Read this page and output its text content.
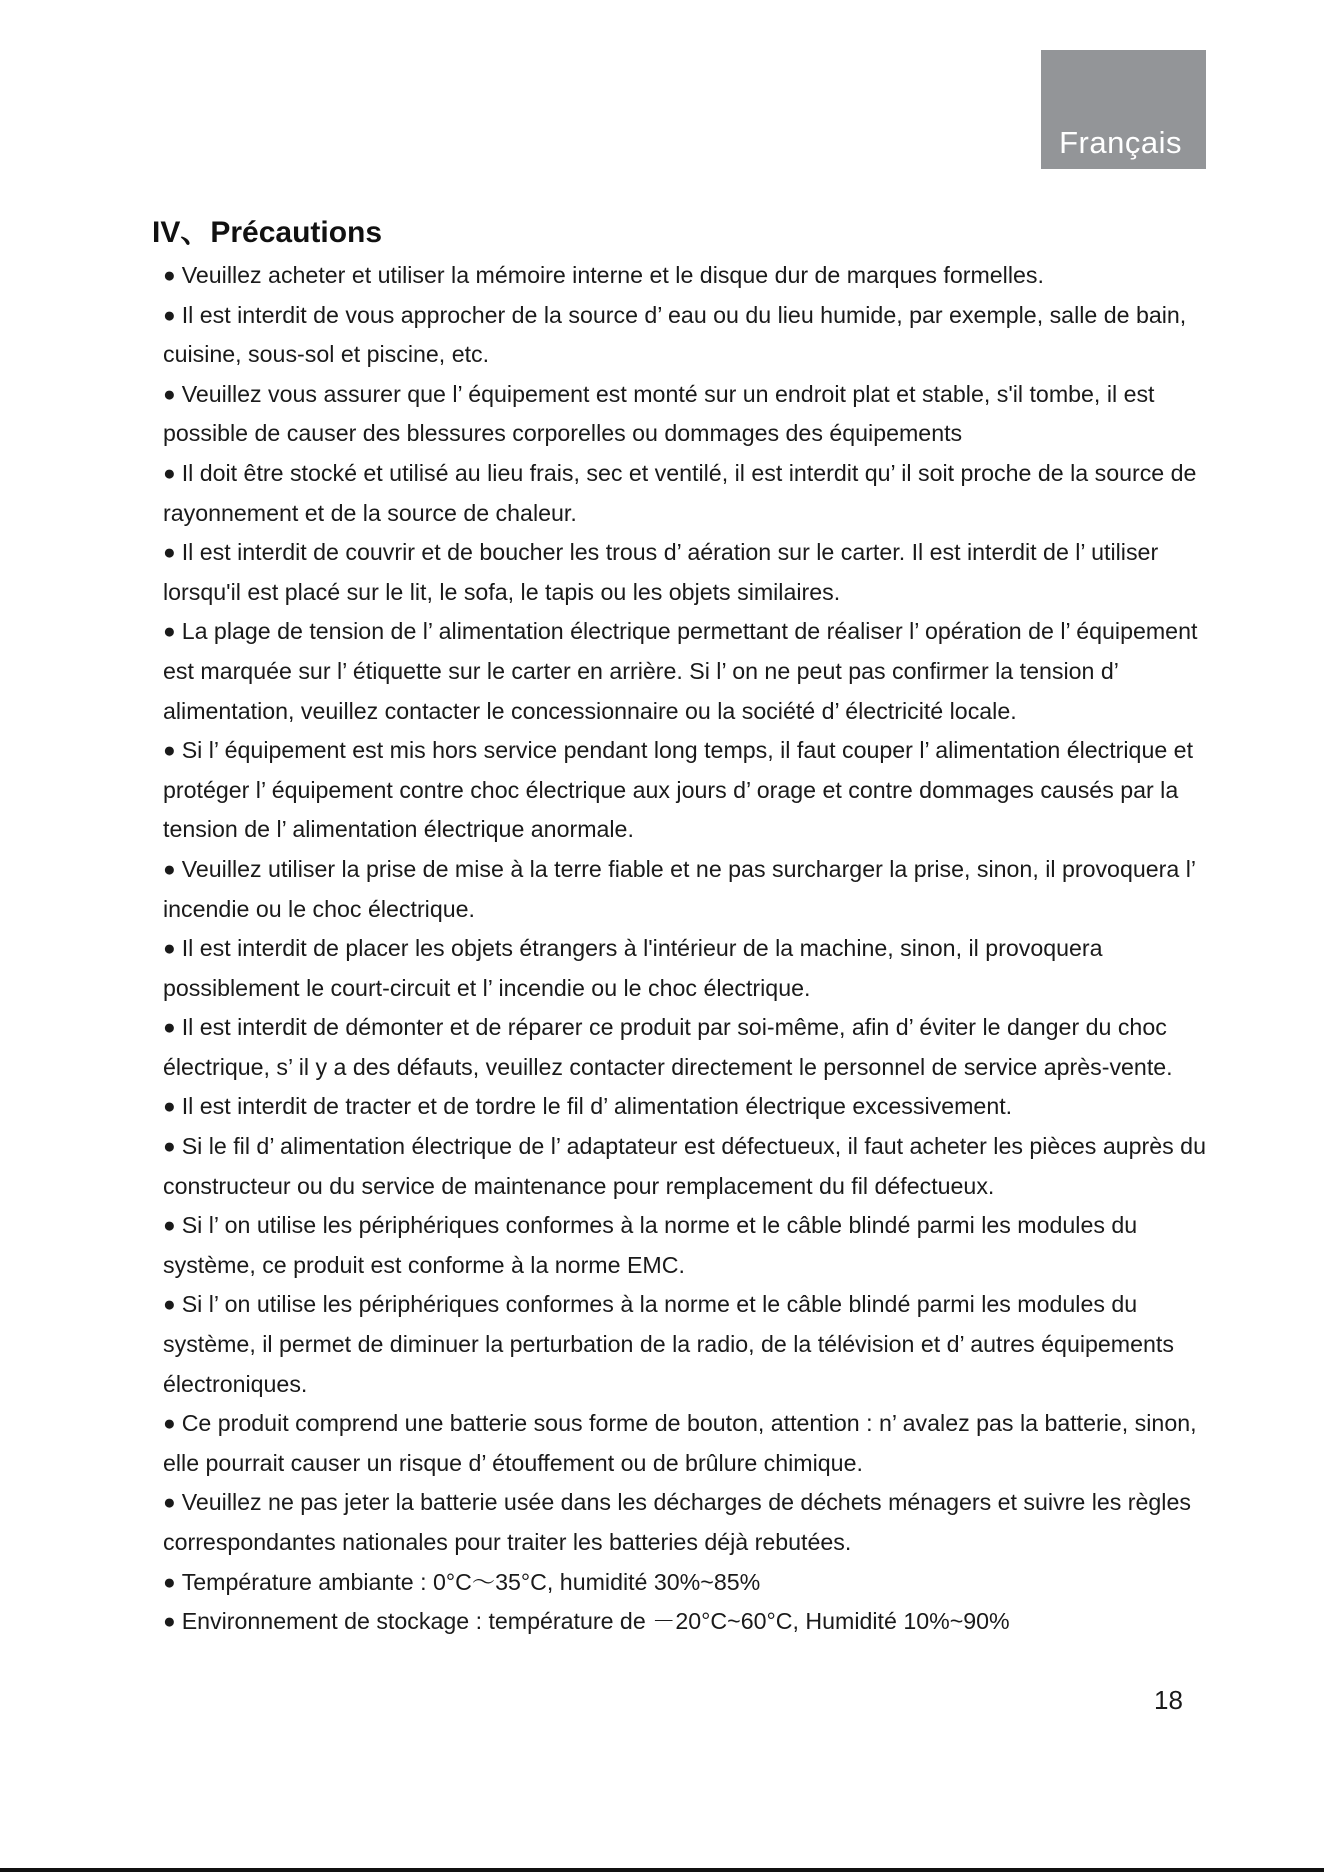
Français
IV、Précautions

● Veuillez acheter et utiliser la mémoire interne et le disque dur de marques formelles.

● Il est interdit de vous approcher de la source d’ eau ou du lieu humide, par exemple, salle de bain, cuisine, sous-sol et piscine, etc.

● Veuillez vous assurer que l’ équipement est monté sur un endroit plat et stable, s'il tombe, il est possible de causer des blessures corporelles ou dommages des équipements

● Il doit être stocké et utilisé au lieu frais, sec et ventilé, il est interdit qu’ il soit proche de la source de rayonnement et de la source de chaleur.

● Il est interdit de couvrir et de boucher les trous d’ aération sur le carter. Il est interdit de l’ utiliser lorsqu'il est placé sur le lit, le sofa, le tapis ou les objets similaires.

● La plage de tension de l’ alimentation électrique permettant de réaliser l’ opération de l’ équipement est marquée sur l’ étiquette sur le carter en arrière. Si l’ on ne peut pas confirmer la tension d’ alimentation, veuillez contacter le concessionnaire ou la société d’ électricité locale.

● Si l’ équipement est mis hors service pendant long temps, il faut couper l’ alimentation électrique et protéger l’ équipement contre choc électrique aux jours d’ orage et contre dommages causés par la tension de l’ alimentation électrique anormale.

● Veuillez utiliser la prise de mise à la terre fiable et ne pas surcharger la prise, sinon, il provoquera l’ incendie ou le choc électrique.

● Il est interdit de placer les objets étrangers à l'intérieur de la machine, sinon, il provoquera possiblement le court-circuit et l’ incendie ou le choc électrique.

● Il est interdit de démonter et de réparer ce produit par soi-même, afin d’ éviter le danger du choc électrique, s’ il y a des défauts, veuillez contacter directement le personnel de service après-vente.

● Il est interdit de tracter et de tordre le fil d’ alimentation électrique excessivement.

● Si le fil d’ alimentation électrique de l’ adaptateur est défectueux, il faut acheter les pièces auprès du constructeur ou du service de maintenance pour remplacement du fil défectueux.

● Si l’ on utilise les périphériques conformes à la norme et le câble blindé parmi les modules du système, ce produit est conforme à la norme EMC.

● Si l’ on utilise les périphériques conformes à la norme et le câble blindé parmi les modules du système, il permet de diminuer la perturbation de la radio, de la télévision et d’ autres équipements électroniques.

● Ce produit comprend une batterie sous forme de bouton, attention : n’ avalez pas la batterie, sinon, elle pourrait causer un risque d’ étouffement ou de brûlure chimique.

● Veuillez ne pas jeter la batterie usée dans les décharges de déchets ménagers et suivre les règles correspondantes nationales pour traiter les batteries déjà rebutées.

● Température ambiante : 0°C～35°C, humidité 30%~85%

● Environnement de stockage : température de －20°C~60°C, Humidité 10%~90%

18
